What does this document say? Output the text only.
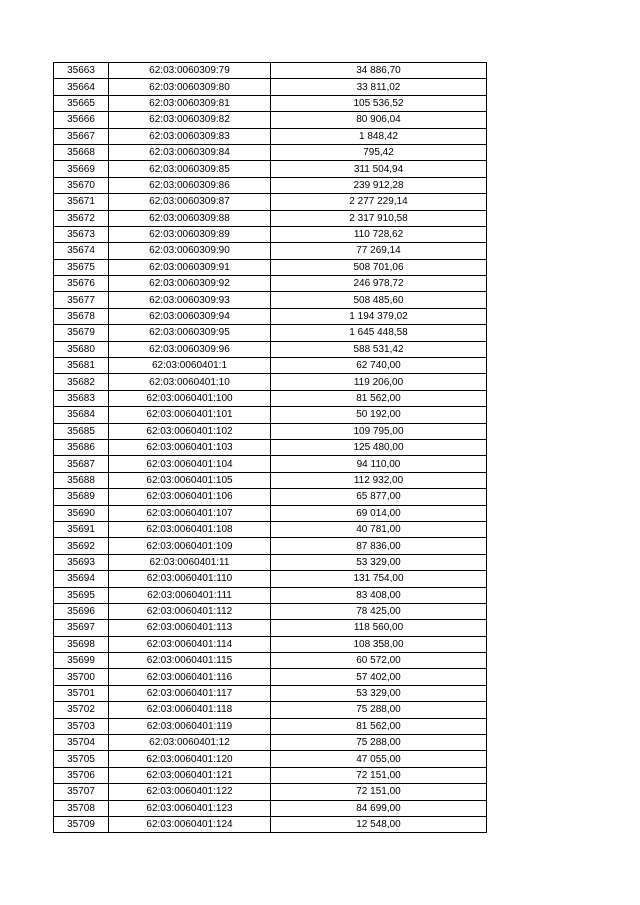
35663	62:03:0060309:79	34 886,70
35664	62:03:0060309:80	33 811,02
35665	62:03:0060309:81	105 536,52
35666	62:03:0060309:82	80 906,04
35667	62:03:0060309:83	1 848,42
35668	62:03:0060309:84	795,42
35669	62:03:0060309:85	311 504,94
35670	62:03:0060309:86	239 912,28
35671	62:03:0060309:87	2 277 229,14
35672	62:03:0060309:88	2 317 910,58
35673	62:03:0060309:89	110 728,62
35674	62:03:0060309:90	77 269,14
35675	62:03:0060309:91	508 701,06
35676	62:03:0060309:92	246 978,72
35677	62:03:0060309:93	508 485,60
35678	62:03:0060309:94	1 194 379,02
35679	62:03:0060309:95	1 645 448,58
35680	62:03:0060309:96	588 531,42
35681	62:03:0060401:1	62 740,00
35682	62:03:0060401:10	119 206,00
35683	62:03:0060401:100	81 562,00
35684	62:03:0060401:101	50 192,00
35685	62:03:0060401:102	109 795,00
35686	62:03:0060401:103	125 480,00
35687	62:03:0060401:104	94 110,00
35688	62:03:0060401:105	112 932,00
35689	62:03:0060401:106	65 877,00
35690	62:03:0060401:107	69 014,00
35691	62:03:0060401:108	40 781,00
35692	62:03:0060401:109	87 836,00
35693	62:03:0060401:11	53 329,00
35694	62:03:0060401:110	131 754,00
35695	62:03:0060401:111	83 408,00
35696	62:03:0060401:112	78 425,00
35697	62:03:0060401:113	118 560,00
35698	62:03:0060401:114	108 358,00
35699	62:03:0060401:115	60 572,00
35700	62:03:0060401:116	57 402,00
35701	62:03:0060401:117	53 329,00
35702	62:03:0060401:118	75 288,00
35703	62:03:0060401:119	81 562,00
35704	62:03:0060401:12	75 288,00
35705	62:03:0060401:120	47 055,00
35706	62:03:0060401:121	72 151,00
35707	62:03:0060401:122	72 151,00
35708	62:03:0060401:123	84 699,00
35709	62:03:0060401:124	12 548,00
